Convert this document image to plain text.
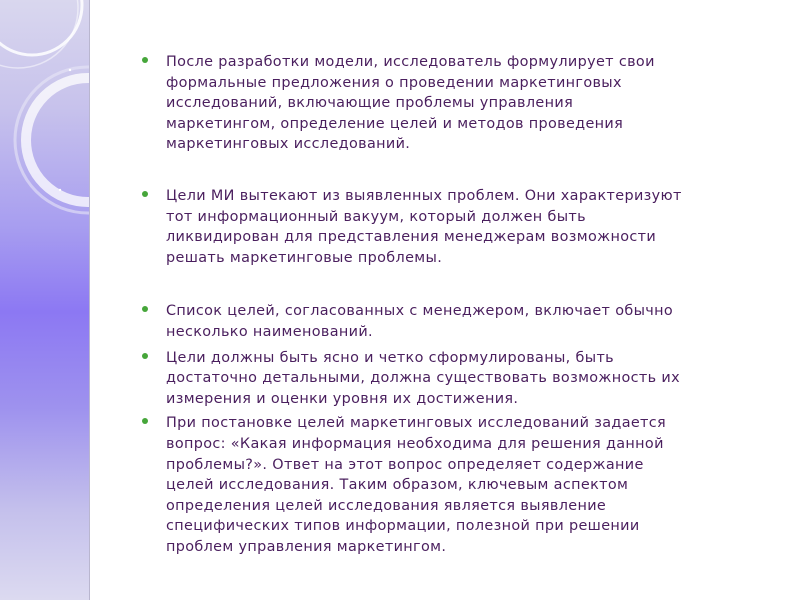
После разработки модели, исследователь формулирует свои
формальные предложения о проведении маркетинговых
исследований, включающие проблемы управления
маркетингом, определение целей и методов проведения
маркетинговых исследований.
Цели МИ вытекают из выявленных проблем. Они характеризуют
тот информационный вакуум, который должен быть
ликвидирован для представления менеджерам возможности
решать маркетинговые проблемы.
Список целей, согласованных с менеджером, включает обычно
несколько наименований.
Цели должны быть ясно и четко сформулированы, быть
достаточно детальными, должна существовать возможность их
измерения и оценки уровня их достижения.
При постановке целей маркетинговых исследований задается
вопрос: «Какая информация необходима для решения данной
проблемы?». Ответ на этот вопрос определяет содержание
целей исследования. Таким образом, ключевым аспектом
определения целей исследования является выявление
специфических типов информации, полезной при решении
проблем управления маркетингом.
